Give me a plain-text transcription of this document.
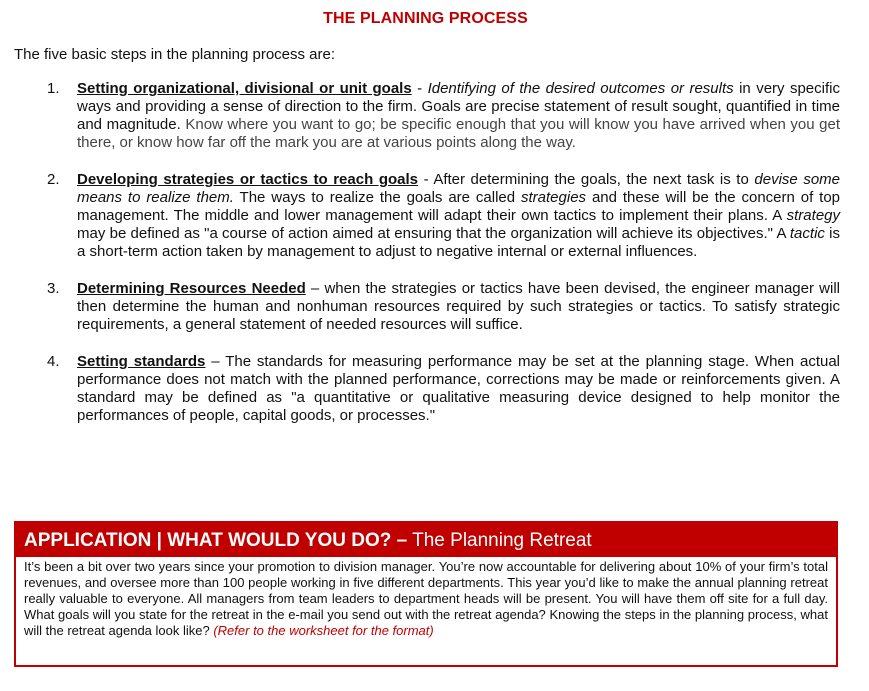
THE PLANNING PROCESS
The five basic steps in the planning process are:
1. Setting organizational, divisional or unit goals - Identifying of the desired outcomes or results in very specific ways and providing a sense of direction to the firm. Goals are precise statement of result sought, quantified in time and magnitude. Know where you want to go; be specific enough that you will know you have arrived when you get there, or know how far off the mark you are at various points along the way.
2. Developing strategies or tactics to reach goals - After determining the goals, the next task is to devise some means to realize them. The ways to realize the goals are called strategies and these will be the concern of top management. The middle and lower management will adapt their own tactics to implement their plans. A strategy may be defined as "a course of action aimed at ensuring that the organization will achieve its objectives." A tactic is a short-term action taken by management to adjust to negative internal or external influences.
3. Determining Resources Needed – when the strategies or tactics have been devised, the engineer manager will then determine the human and nonhuman resources required by such strategies or tactics. To satisfy strategic requirements, a general statement of needed resources will suffice.
4. Setting standards – The standards for measuring performance may be set at the planning stage. When actual performance does not match with the planned performance, corrections may be made or reinforcements given. A standard may be defined as "a quantitative or qualitative measuring device designed to help monitor the performances of people, capital goods, or processes."
APPLICATION | WHAT WOULD YOU DO? – The Planning Retreat
It’s been a bit over two years since your promotion to division manager. You’re now accountable for delivering about 10% of your firm’s total revenues, and oversee more than 100 people working in five different departments. This year you’d like to make the annual planning retreat really valuable to everyone. All managers from team leaders to department heads will be present. You will have them off site for a full day. What goals will you state for the retreat in the e-mail you send out with the retreat agenda? Knowing the steps in the planning process, what will the retreat agenda look like? (Refer to the worksheet for the format)
